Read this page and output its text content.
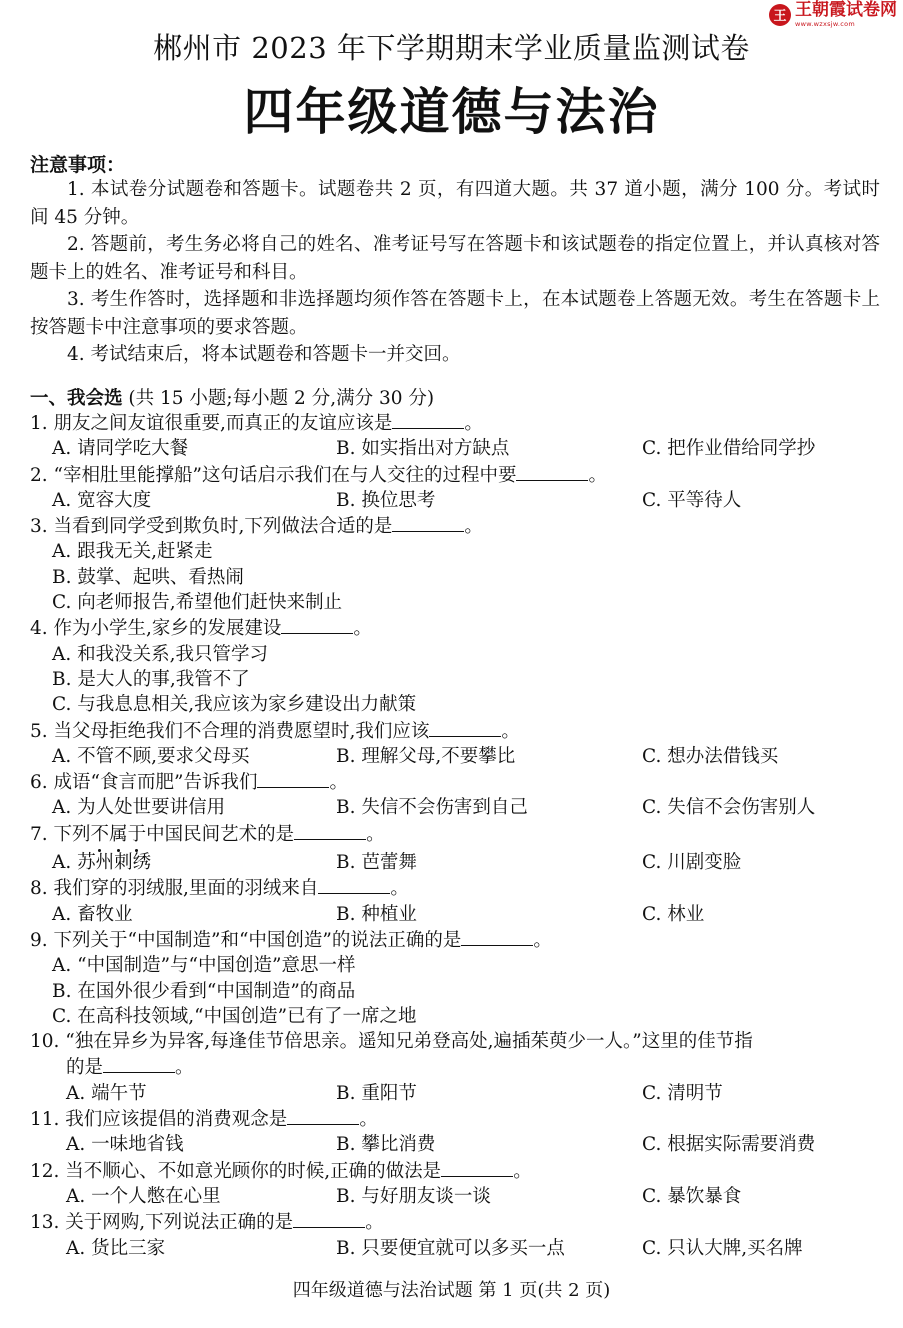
王 王朝霞试卷网
www.wzxsjw.com
郴州市 2023 年下学期期末学业质量监测试卷
四年级道德与法治
注意事项：

1. 本试卷分试题卷和答题卡。试题卷共 2 页，有四道大题。共 37 道小题，满分 100 分。考试时间 45 分钟。

2. 答题前，考生务必将自己的姓名、准考证号写在答题卡和该试题卷的指定位置上，并认真核对答题卡上的姓名、准考证号和科目。

3. 考生作答时，选择题和非选择题均须作答在答题卡上，在本试题卷上答题无效。考生在答题卡上按答题卡中注意事项的要求答题。

4. 考试结束后，将本试题卷和答题卡一并交回。

一、我会选 (共 15 小题;每小题 2 分,满分 30 分)
1. 朋友之间友谊很重要,而真正的友谊应该是	。
A. 请同学吃大餐	B. 如实指出对方缺点	C. 把作业借给同学抄
2. “宰相肚里能撑船”这句话启示我们在与人交往的过程中要	。
A. 宽容大度	B. 换位思考	C. 平等待人
3. 当看到同学受到欺负时,下列做法合适的是	。
A. 跟我无关,赶紧走
B. 鼓掌、起哄、看热闹
C. 向老师报告,希望他们赶快来制止
4. 作为小学生,家乡的发展建设	。
A. 和我没关系,我只管学习
B. 是大人的事,我管不了
C. 与我息息相关,我应该为家乡建设出力献策
5. 当父母拒绝我们不合理的消费愿望时,我们应该	。
A. 不管不顾,要求父母买	B. 理解父母,不要攀比	C. 想办法借钱买
6. 成语“食言而肥”告诉我们	。
A. 为人处世要讲信用	B. 失信不会伤害到自己	C. 失信不会伤害别人
7. 下列不属于中国民间艺术的是	。
A. 苏州刺绣	B. 芭蕾舞	C. 川剧变脸
8. 我们穿的羽绒服,里面的羽绒来自	。
A. 畜牧业	B. 种植业	C. 林业
9. 下列关于“中国制造”和“中国创造”的说法正确的是	。
A. “中国制造”与“中国创造”意思一样
B. 在国外很少看到“中国制造”的商品
C. 在高科技领域,“中国创造”已有了一席之地
10. “独在异乡为异客,每逢佳节倍思亲。遥知兄弟登高处,遍插茱萸少一人。”这里的佳节指
的是	。
A. 端午节	B. 重阳节	C. 清明节
11. 我们应该提倡的消费观念是	。
A. 一味地省钱	B. 攀比消费	C. 根据实际需要消费
12. 当不顺心、不如意光顾你的时候,正确的做法是	。
A. 一个人憋在心里	B. 与好朋友谈一谈	C. 暴饮暴食
13. 关于网购,下列说法正确的是	。
A. 货比三家	B. 只要便宜就可以多买一点	C. 只认大牌,买名牌
四年级道德与法治试题 第 1 页(共 2 页)
